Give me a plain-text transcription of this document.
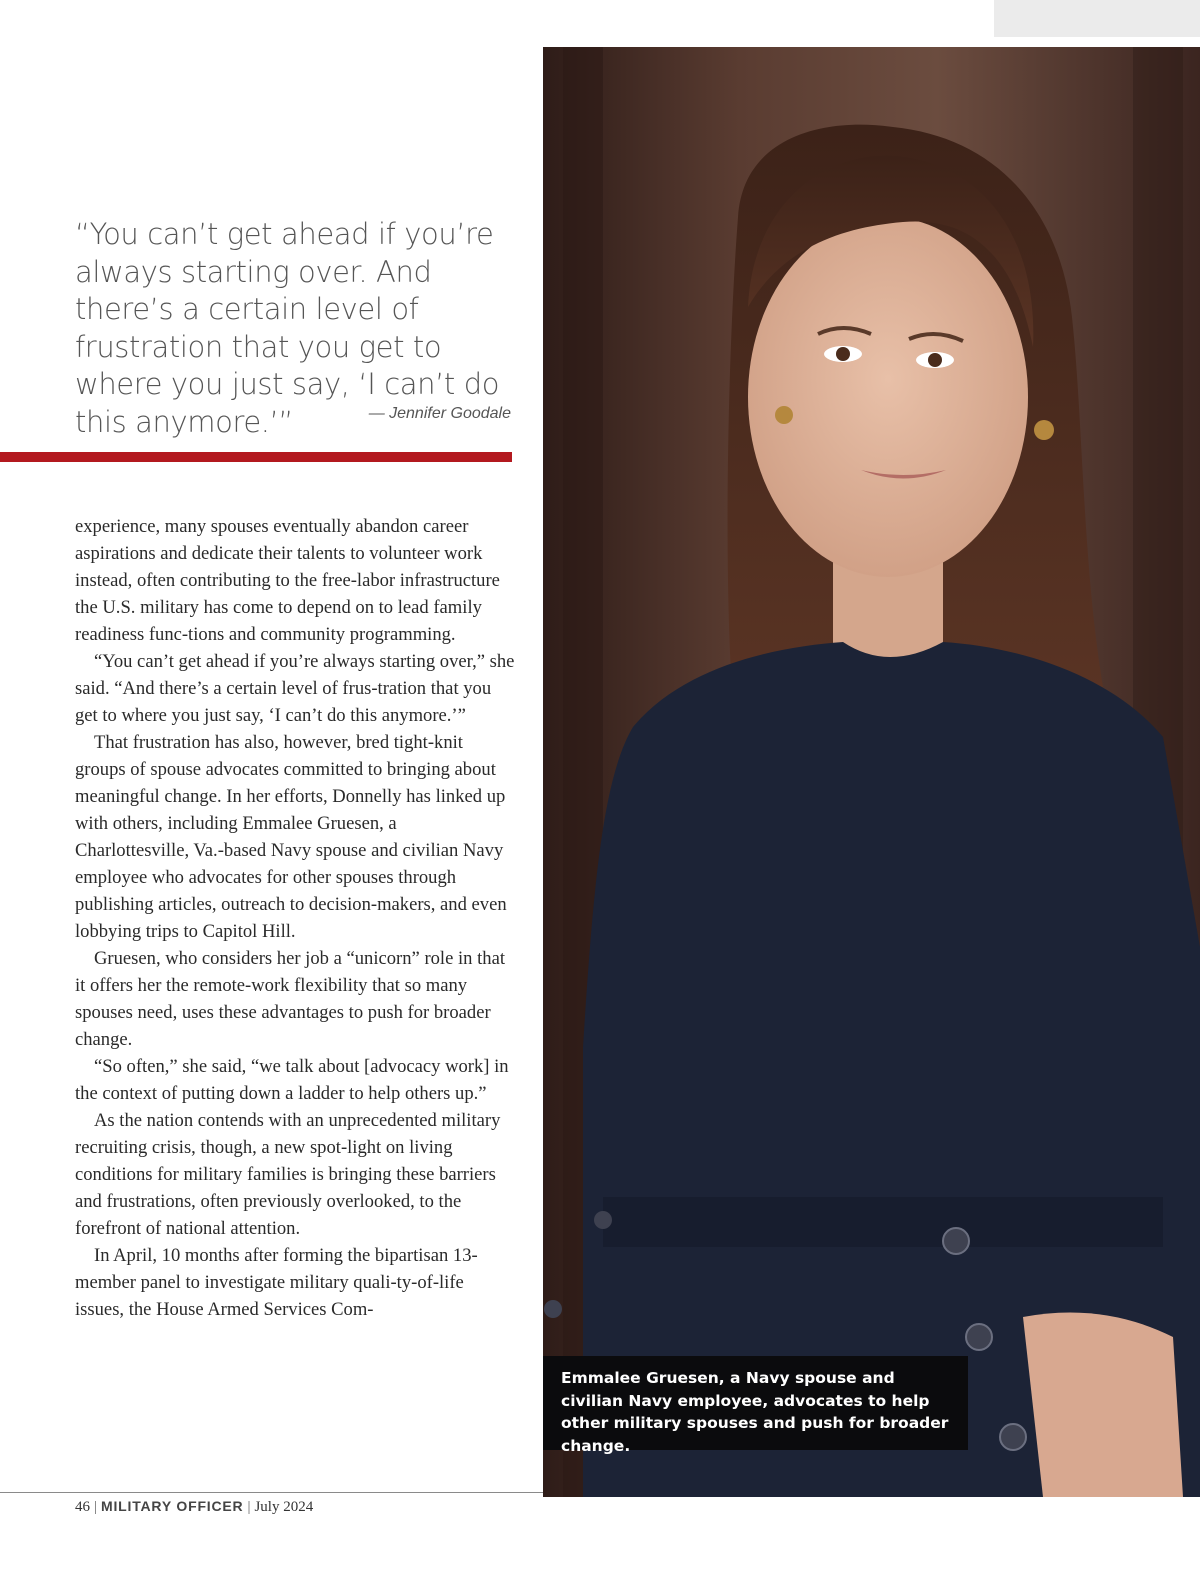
“You can’t get ahead if you’re always starting over. And there’s a certain level of frustration that you get to where you just say, ‘I can’t do this anymore.’”	— Jennifer Goodale

experience, many spouses eventually abandon career aspirations and dedicate their talents to volunteer work instead, often contributing to the free-labor infrastructure the U.S. military has come to depend on to lead family readiness func-tions and community programming.

“You can’t get ahead if you’re always starting over,” she said. “And there’s a certain level of frus-tration that you get to where you just say, ‘I can’t do this anymore.’”

That frustration has also, however, bred tight-knit groups of spouse advocates committed to bringing about meaningful change. In her efforts, Donnelly has linked up with others, including Emmalee Gruesen, a Charlottesville, Va.-based Navy spouse and civilian Navy employee who advocates for other spouses through publishing articles, outreach to decision-makers, and even lobbying trips to Capitol Hill.

Gruesen, who considers her job a “unicorn” role in that it offers her the remote-work flexibility that so many spouses need, uses these advantages to push for broader change.

“So often,” she said, “we talk about [advocacy work] in the context of putting down a ladder to help others up.”

As the nation contends with an unprecedented military recruiting crisis, though, a new spot-light on living conditions for military families is bringing these barriers and frustrations, often previously overlooked, to the forefront of national attention.

In April, 10 months after forming the bipartisan 13-member panel to investigate military quali-ty-of-life issues, the House Armed Services Com-

Emmalee Gruesen, a Navy spouse and civilian Navy employee, advocates to help other military spouses and push for broader change.
46 | MILITARY OFFICER | July 2024
